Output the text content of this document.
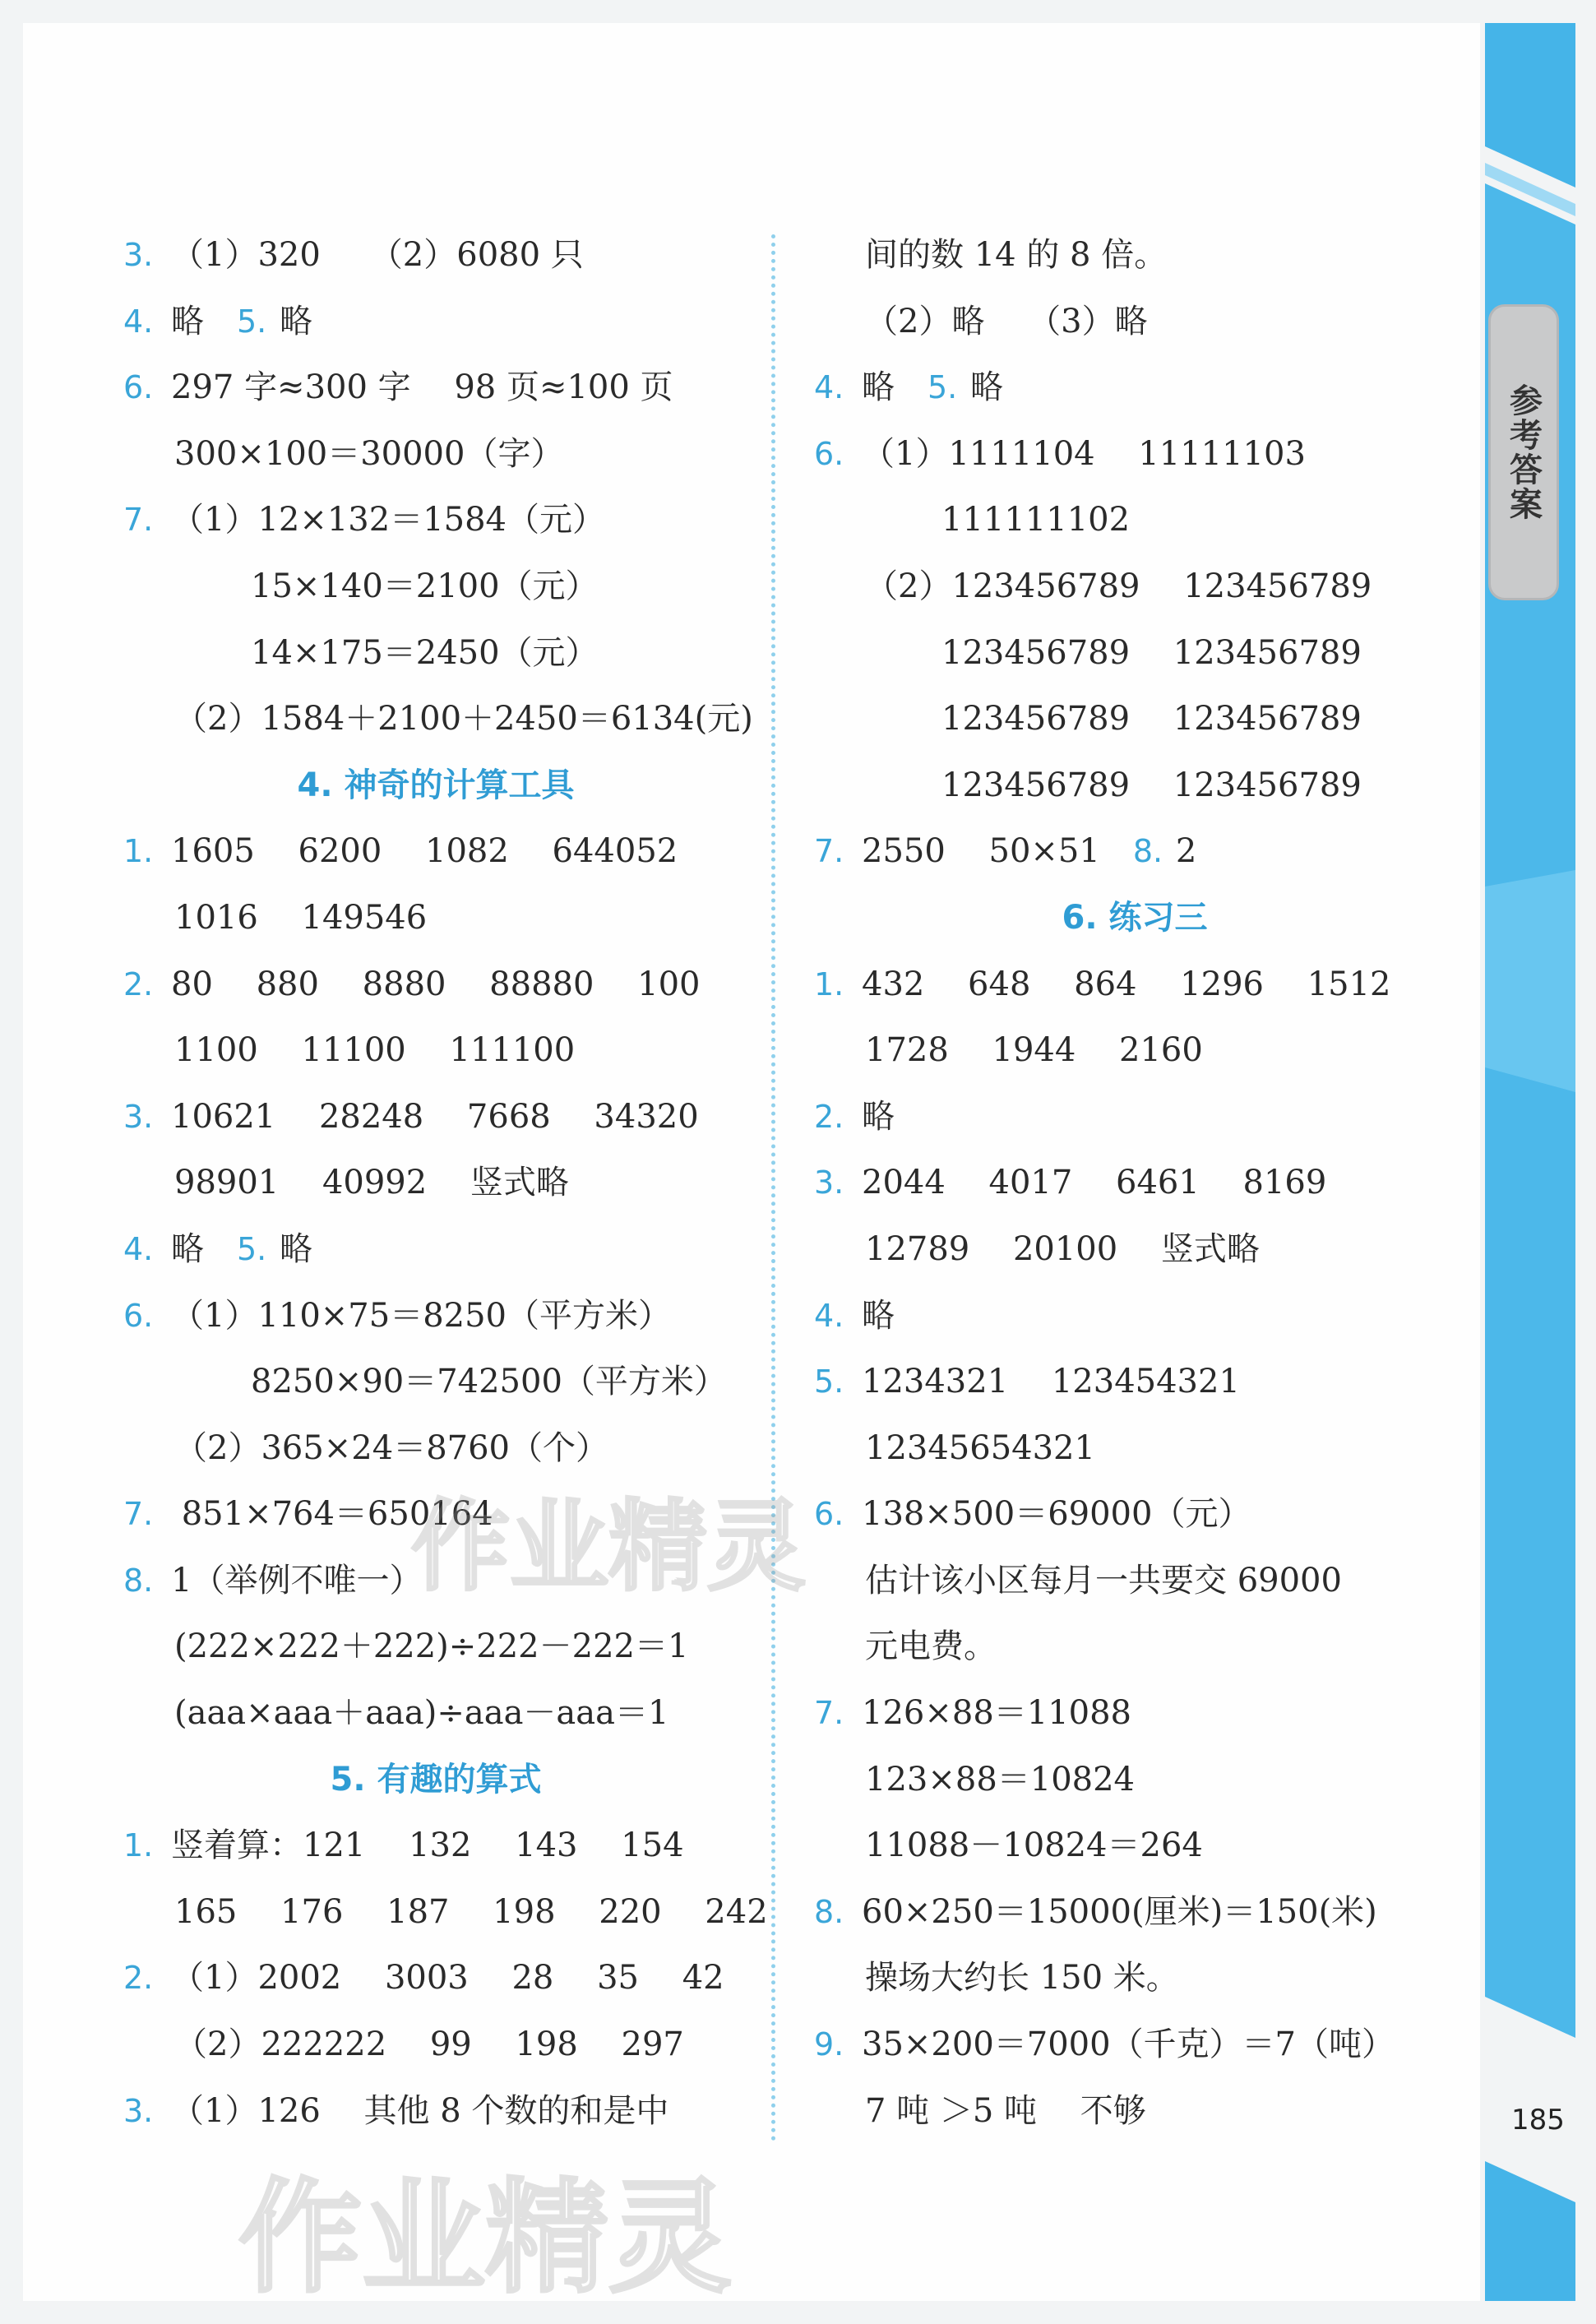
参考答案
3. （1）320　　（2）6080 只
4. 略　5. 略
6. 297 字≈300 字　 98 页≈100 页
300×100＝30000（字）
7. （1）12×132＝1584（元）
15×140＝2100（元）
14×175＝2450（元）
（2）1584＋2100＋2450＝6134(元)
4. 神奇的计算工具
1. 1605　 6200　 1082　 644052
1016　 149546
2. 80　 880　 8880　 88880　 100
1100　 11100　 111100
3. 10621　 28248　 7668　 34320
98901　 40992　 竖式略
4. 略　5. 略
6. （1）110×75＝8250（平方米）
8250×90＝742500（平方米）
（2）365×24＝8760（个）
7. 851×764＝650164
8. 1（举例不唯一）
(222×222＋222)÷222－222＝1
(aaa×aaa＋aaa)÷aaa－aaa＝1
5. 有趣的算式
1. 竖着算：121　 132　 143　 154
165　 176　 187　 198　 220　 242
2. （1）2002　 3003　 28　 35　 42
（2）222222　 99　 198　 297
3. （1）126　 其他 8 个数的和是中
间的数 14 的 8 倍。
（2）略　 （3）略
4. 略　5. 略
6. （1）1111104　 11111103
111111102
（2）123456789　 123456789
123456789　 123456789
123456789　 123456789
123456789　 123456789
7. 2550　 50×51　8. 2
6. 练习三
1. 432　 648　 864　 1296　 1512
1728　 1944　 2160
2. 略
3. 2044　 4017　 6461　 8169
12789　 20100　 竖式略
4. 略
5. 1234321　 123454321
12345654321
6. 138×500＝69000（元）
估计该小区每月一共要交 69000
元电费。
7. 126×88＝11088
123×88＝10824
11088－10824＝264
8. 60×250＝15000(厘米)＝150(米)
操场大约长 150 米。
9. 35×200＝7000（千克）＝7（吨）
7 吨 ＞5 吨　 不够	185
